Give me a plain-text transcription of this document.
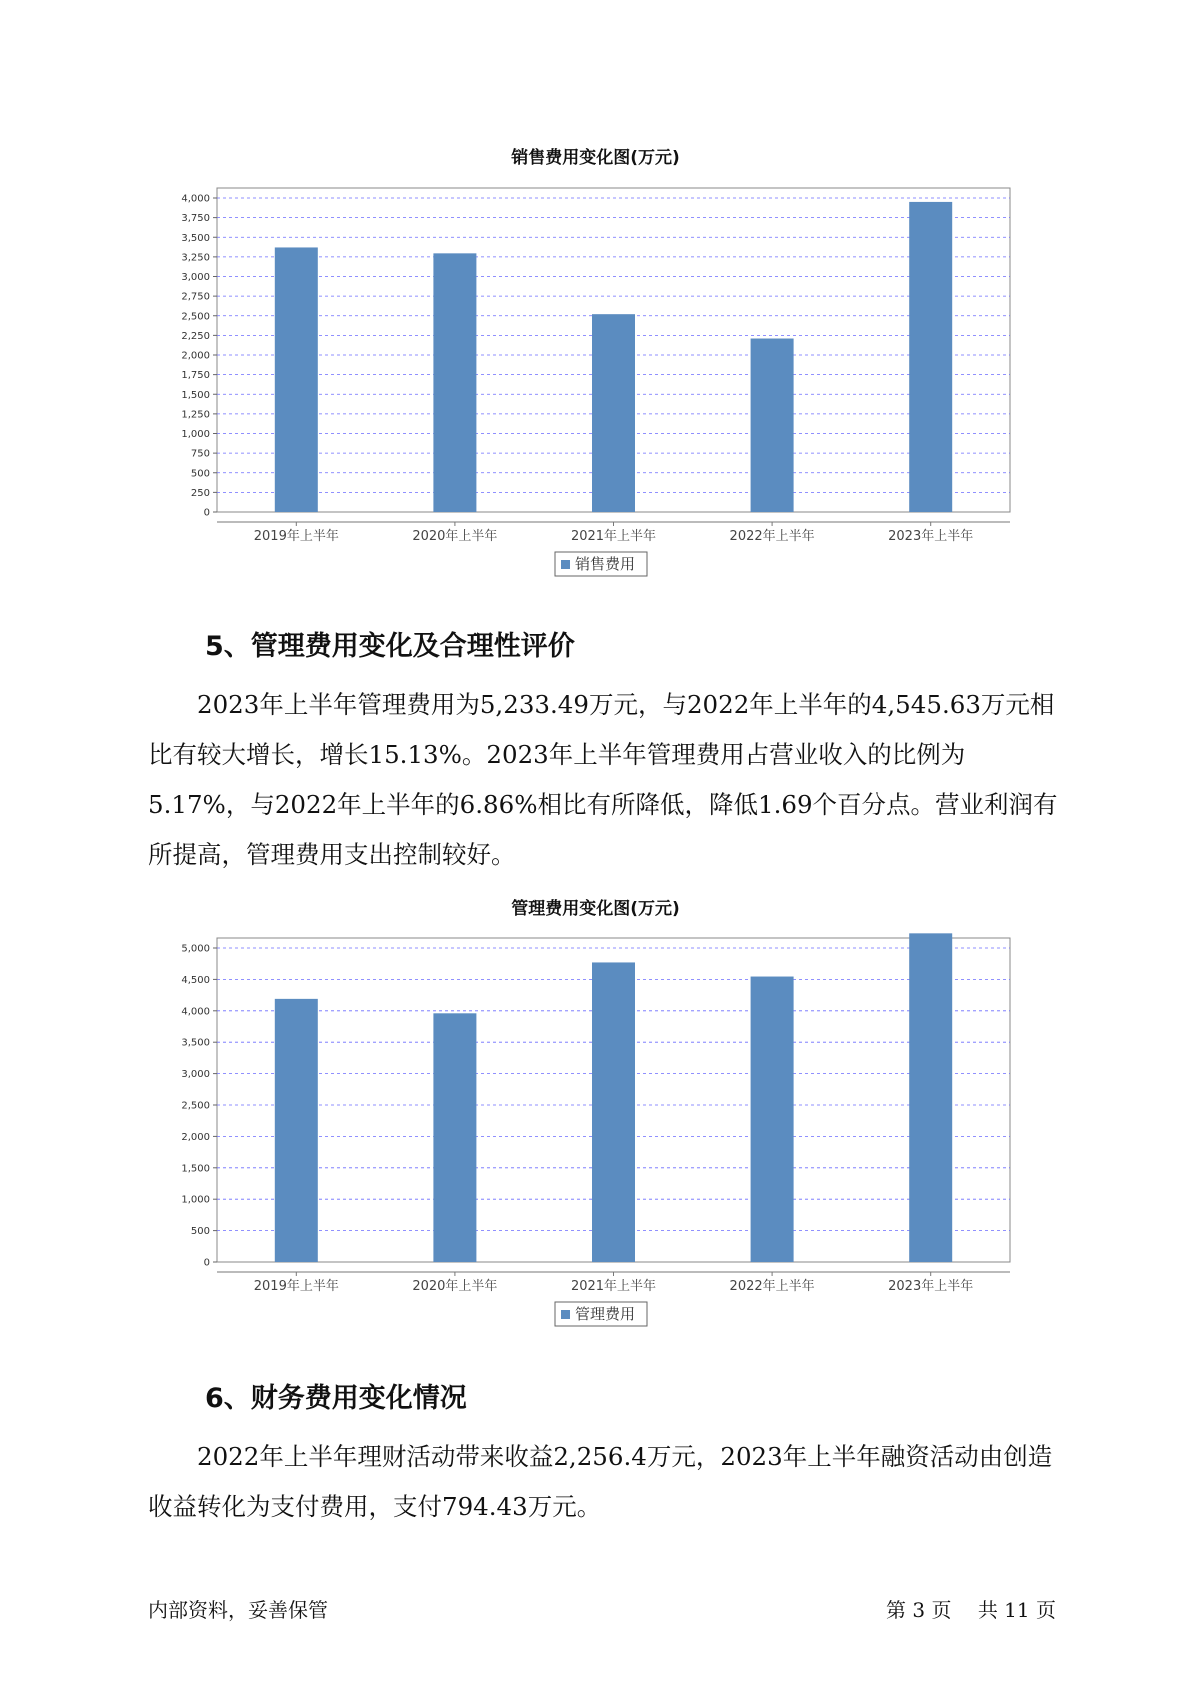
销售费用变化图(万元)
0
250
500
750
1,000
1,250
1,500
1,750
2,000
2,250
2,500
2,750
3,000
3,250
3,500
3,750
4,000
2019年上半年	2020年上半年	2021年上半年	2022年上半年	2023年上半年
销售费用
5、管理费用变化及合理性评价
2023年上半年管理费用为5,233.49万元，与2022年上半年的4,545.63万元相比有较大增长，增长15.13%。2023年上半年管理费用占营业收入的比例为5.17%，与2022年上半年的6.86%相比有所降低，降低1.69个百分点。营业利润有所提高，管理费用支出控制较好。
管理费用变化图(万元)
0
500
1,000
1,500
2,000
2,500
3,000
3,500
4,000
4,500
5,000
2019年上半年	2020年上半年	2021年上半年	2022年上半年	2023年上半年
管理费用
6、财务费用变化情况
2022年上半年理财活动带来收益2,256.4万元，2023年上半年融资活动由创造收益转化为支付费用，支付794.43万元。
内部资料，妥善保管	第 3 页 共 11 页
